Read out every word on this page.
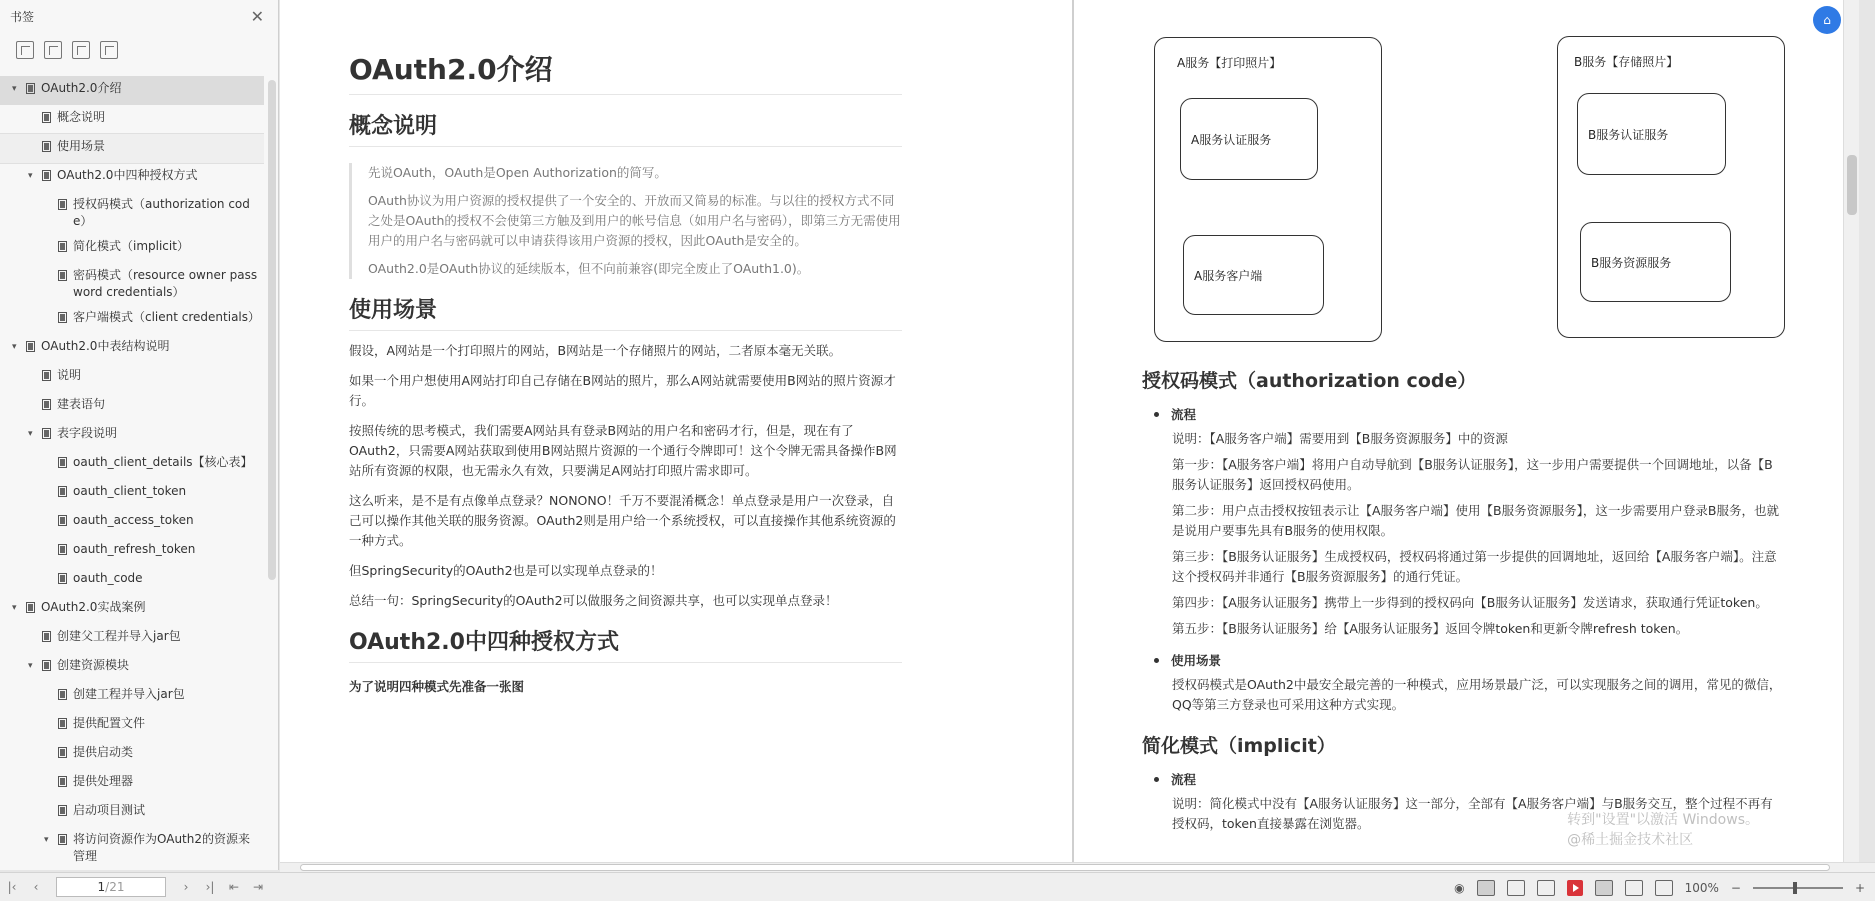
书签	✕
▾	OAuth2.0介绍
概念说明
使用场景
▾	OAuth2.0中四种授权方式
授权码模式（authorization code）
简化模式（implicit）
密码模式（resource owner password credentials）
客户端模式（client credentials）
▾	OAuth2.0中表结构说明
说明
建表语句
▾	表字段说明
oauth_client_details【核心表】
oauth_client_token
oauth_access_token
oauth_refresh_token
oauth_code
▾	OAuth2.0实战案例
创建父工程并导入jar包
▾	创建资源模块
创建工程并导入jar包
提供配置文件
提供启动类
提供处理器
启动项目测试
▾	将访问资源作为OAuth2的资源来管理
OAuth2.0介绍
概念说明

先说OAuth，OAuth是Open Authorization的简写。

OAuth协议为用户资源的授权提供了一个安全的、开放而又简易的标准。与以往的授权方式不同之处是OAuth的授权不会使第三方触及到用户的帐号信息（如用户名与密码），即第三方无需使用用户的用户名与密码就可以申请获得该用户资源的授权，因此OAuth是安全的。

OAuth2.0是OAuth协议的延续版本，但不向前兼容(即完全废止了OAuth1.0)。

使用场景

假设，A网站是一个打印照片的网站，B网站是一个存储照片的网站，二者原本毫无关联。

如果一个用户想使用A网站打印自己存储在B网站的照片，那么A网站就需要使用B网站的照片资源才行。

按照传统的思考模式，我们需要A网站具有登录B网站的用户名和密码才行，但是，现在有了OAuth2，只需要A网站获取到使用B网站照片资源的一个通行令牌即可！这个令牌无需具备操作B网站所有资源的权限，也无需永久有效，只要满足A网站打印照片需求即可。

这么听来，是不是有点像单点登录？NONONO！千万不要混淆概念！单点登录是用户一次登录，自己可以操作其他关联的服务资源。OAuth2则是用户给一个系统授权，可以直接操作其他系统资源的一种方式。

但SpringSecurity的OAuth2也是可以实现单点登录的！

总结一句：SpringSecurity的OAuth2可以做服务之间资源共享，也可以实现单点登录！

OAuth2.0中四种授权方式

为了说明四种模式先准备一张图

A服务【打印照片】
A服务认证服务
A服务客户端
B服务【存储照片】
B服务认证服务
B服务资源服务
授权码模式（authorization code）
流程

说明：【A服务客户端】需要用到【B服务资源服务】中的资源

第一步：【A服务客户端】将用户自动导航到【B服务认证服务】，这一步用户需要提供一个回调地址，以备【B服务认证服务】返回授权码使用。

第二步：用户点击授权按钮表示让【A服务客户端】使用【B服务资源服务】，这一步需要用户登录B服务，也就是说用户要事先具有B服务的使用权限。

第三步：【B服务认证服务】生成授权码，授权码将通过第一步提供的回调地址，返回给【A服务客户端】。注意这个授权码并非通行【B服务资源服务】的通行凭证。

第四步：【A服务认证服务】携带上一步得到的授权码向【B服务认证服务】发送请求，获取通行凭证token。

第五步：【B服务认证服务】给【A服务认证服务】返回令牌token和更新令牌refresh token。

使用场景

授权码模式是OAuth2中最安全最完善的一种模式，应用场景最广泛，可以实现服务之间的调用，常见的微信，QQ等第三方登录也可采用这种方式实现。

简化模式（implicit）
流程

说明：简化模式中没有【A服务认证服务】这一部分，全部有【A服务客户端】与B服务交互，整个过程不再有授权码，token直接暴露在浏览器。	转到"设置"以激活 Windows。
@稀土掘金技术社区
⌂
|‹	‹	1 /21	›	›|	⇤	⇥	◉	100% −	+
